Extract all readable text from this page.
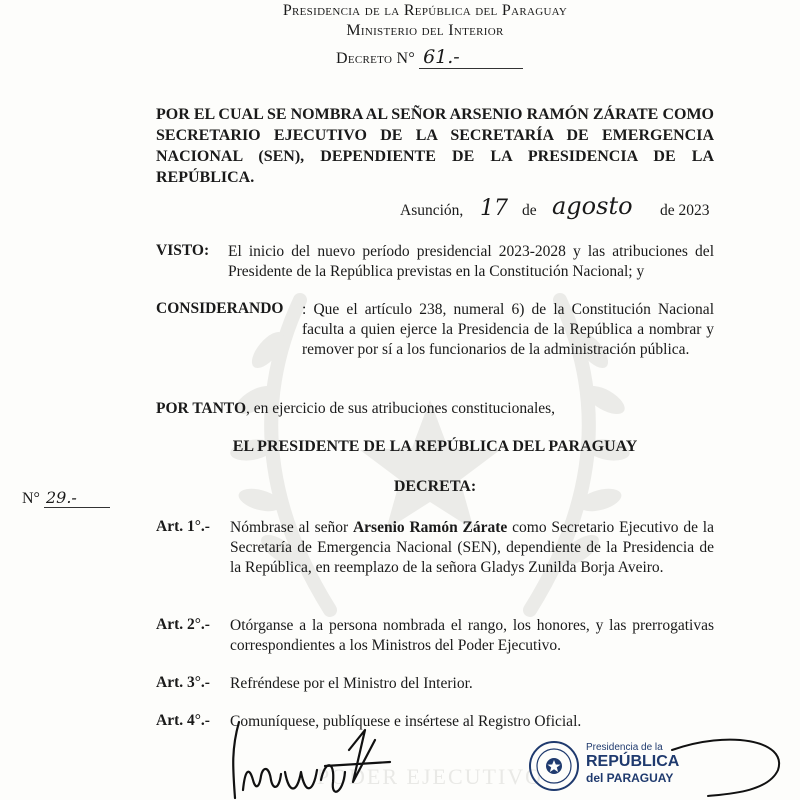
PODER EJECUTIVO
Presidencia de la República del Paraguay
Ministerio del Interior
Decreto N° 61.-
POR EL CUAL SE NOMBRA AL SEÑOR ARSENIO RAMÓN ZÁRATE COMO SECRETARIO EJECUTIVO DE LA SECRETARÍA DE EMERGENCIA NACIONAL (SEN), DEPENDIENTE DE LA PRESIDENCIA DE LA REPÚBLICA.
Asunción, 17 de agosto de 2023
VISTO: El inicio del nuevo período presidencial 2023-2028 y las atribuciones del Presidente de la República previstas en la Constitución Nacional; y
CONSIDERANDO : Que el artículo 238, numeral 6) de la Constitución Nacional faculta a quien ejerce la Presidencia de la República a nombrar y remover por sí a los funcionarios de la administración pública.
POR TANTO, en ejercicio de sus atribuciones constitucionales,
EL PRESIDENTE DE LA REPÚBLICA DEL PARAGUAY
DECRETA:
N° 29.-
Art. 1°.- Nómbrase al señor Arsenio Ramón Zárate como Secretario Ejecutivo de la Secretaría de Emergencia Nacional (SEN), dependiente de la Presidencia de la República, en reemplazo de la señora Gladys Zunilda Borja Aveiro.
Art. 2°.- Otórganse a la persona nombrada el rango, los honores, y las prerrogativas correspondientes a los Ministros del Poder Ejecutivo.
Art. 3°.- Refréndese por el Ministro del Interior.
Art. 4°.- Comuníquese, publíquese e insértese al Registro Oficial.
Presidencia de la
REPÚBLICA
del PARAGUAY
